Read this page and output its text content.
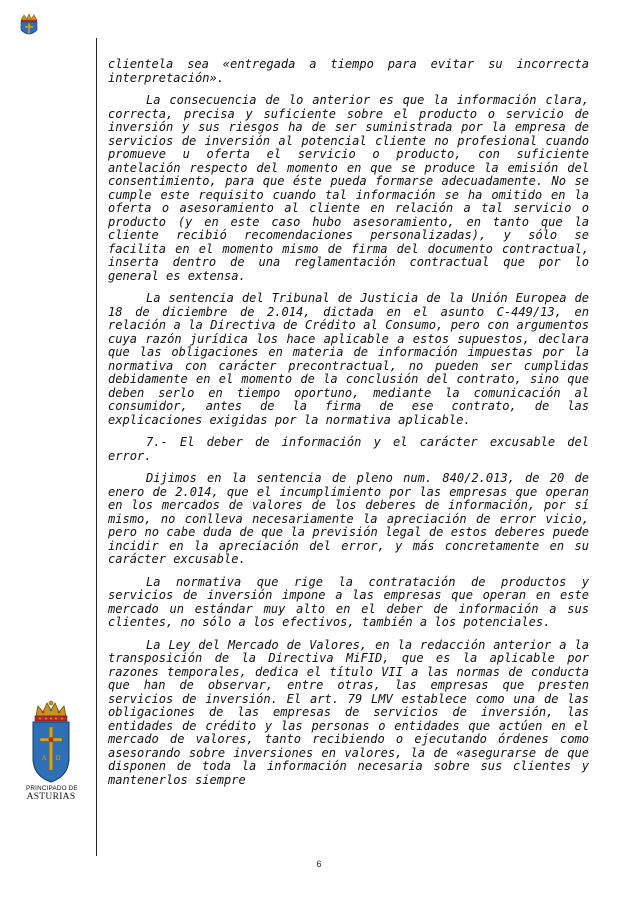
clientela sea «entregada a tiempo para evitar su incorrecta interpretación».

La consecuencia de lo anterior es que la información clara, correcta, precisa y suficiente sobre el producto o servicio de inversión y sus riesgos ha de ser suministrada por la empresa de servicios de inversión al potencial cliente no profesional cuando promueve u oferta el servicio o producto, con suficiente antelación respecto del momento en que se produce la emisión del consentimiento, para que éste pueda formarse adecuadamente. No se cumple este requisito cuando tal información se ha omitido en la oferta o asesoramiento al cliente en relación a tal servicio o producto (y en este caso hubo asesoramiento, en tanto que la cliente recibió recomendaciones personalizadas), y sólo se facilita en el momento mismo de firma del documento contractual, inserta dentro de una reglamentación contractual que por lo general es extensa.

La sentencia del Tribunal de Justicia de la Unión Europea de 18 de diciembre de 2.014, dictada en el asunto C-449/13, en relación a la Directiva de Crédito al Consumo, pero con argumentos cuya razón jurídica los hace aplicable a estos supuestos, declara que las obligaciones en materia de información impuestas por la normativa con carácter precontractual, no pueden ser cumplidas debidamente en el momento de la conclusión del contrato, sino que deben serlo en tiempo oportuno, mediante la comunicación al consumidor, antes de la firma de ese contrato, de las explicaciones exigidas por la normativa aplicable.

7.- El deber de información y el carácter excusable del error.

Dijimos en la sentencia de pleno num. 840/2.013, de 20 de enero de 2.014, que el incumplimiento por las empresas que operan en los mercados de valores de los deberes de información, por sí mismo, no conlleva necesariamente la apreciación de error vicio, pero no cabe duda de que la previsión legal de estos deberes puede incidir en la apreciación del error, y más concretamente en su carácter excusable.

La normativa que rige la contratación de productos y servicios de inversión impone a las empresas que operan en este mercado un estándar muy alto en el deber de información a sus clientes, no sólo a los efectivos, también a los potenciales.

La Ley del Mercado de Valores, en la redacción anterior a la transposición de la Directiva MiFID, que es la aplicable por razones temporales, dedica el título VII a las normas de conducta que han de observar, entre otras, las empresas que presten servicios de inversión. El art. 79 LMV establece como una de las obligaciones de las empresas de servicios de inversión, las entidades de crédito y las personas o entidades que actúen en el mercado de valores, tanto recibiendo o ejecutando órdenes como asesorando sobre inversiones en valores, la de «asegurarse de que disponen de toda la información necesaria sobre sus clientes y mantenerlos siempre

A Ω
PRINCIPADO DE
ASTURIAS
6
